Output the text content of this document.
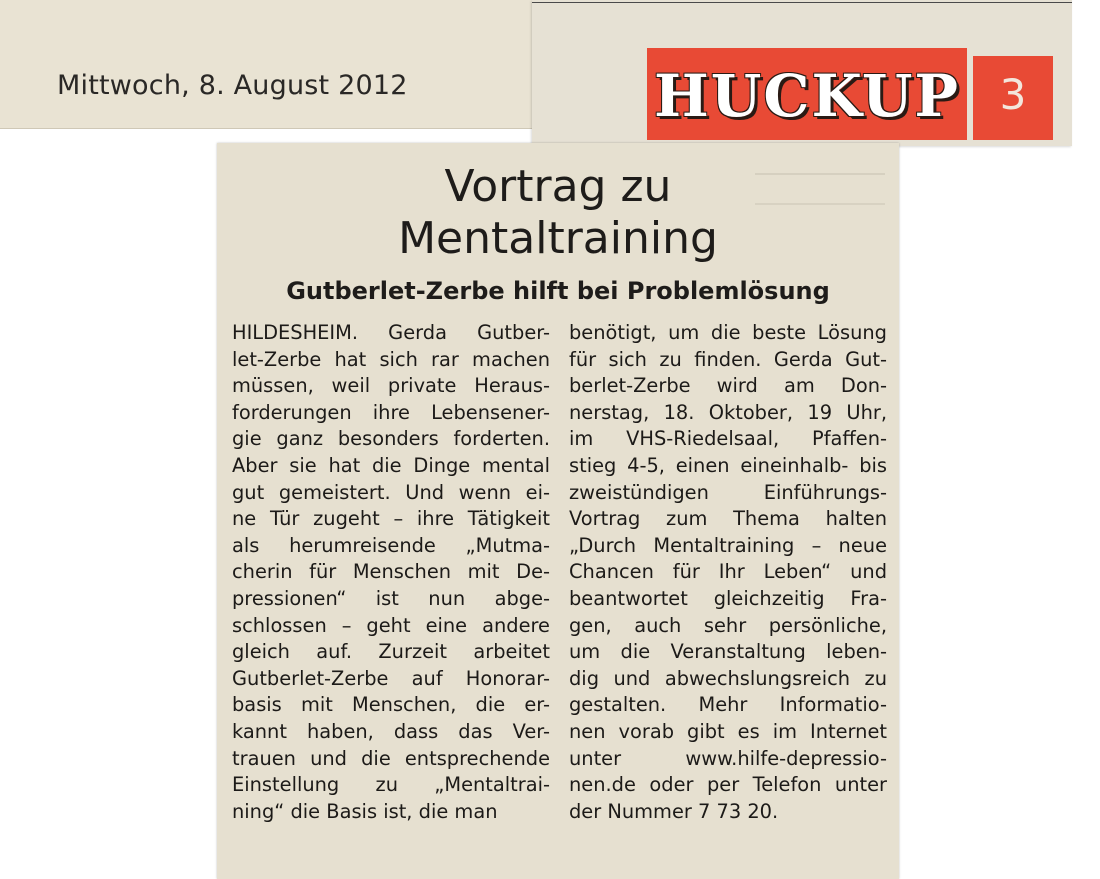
Mittwoch, 8. August 2012	HUCKUP 3
Vortrag zu
Mentaltraining
Gutberlet-Zerbe hilft bei Problemlösung
HILDESHEIM. Gerda Gutber-
let-Zerbe hat sich rar machen
müssen, weil private Heraus-
forderungen ihre Lebensener-
gie ganz besonders forderten.
Aber sie hat die Dinge mental
gut gemeistert. Und wenn ei-
ne Tür zugeht – ihre Tätigkeit
als herumreisende „Mutma-
cherin für Menschen mit De-
pressionen“ ist nun abge-
schlossen – geht eine andere
gleich auf. Zurzeit arbeitet
Gutberlet-Zerbe auf Honorar-
basis mit Menschen, die er-
kannt haben, dass das Ver-
trauen und die entsprechende
Einstellung zu „Mentaltrai-
ning“ die Basis ist, die man
benötigt, um die beste Lösung
für sich zu finden. Gerda Gut-
berlet-Zerbe wird am Don-
nerstag, 18. Oktober, 19 Uhr,
im VHS-Riedelsaal, Pfaffen-
stieg 4-5, einen eineinhalb- bis
zweistündigen Einführungs-
Vortrag zum Thema halten
„Durch Mentaltraining – neue
Chancen für Ihr Leben“ und
beantwortet gleichzeitig Fra-
gen, auch sehr persönliche,
um die Veranstaltung leben-
dig und abwechslungsreich zu
gestalten. Mehr Informatio-
nen vorab gibt es im Internet
unter www.hilfe-depressio-
nen.de oder per Telefon unter
der Nummer 7 73 20.
